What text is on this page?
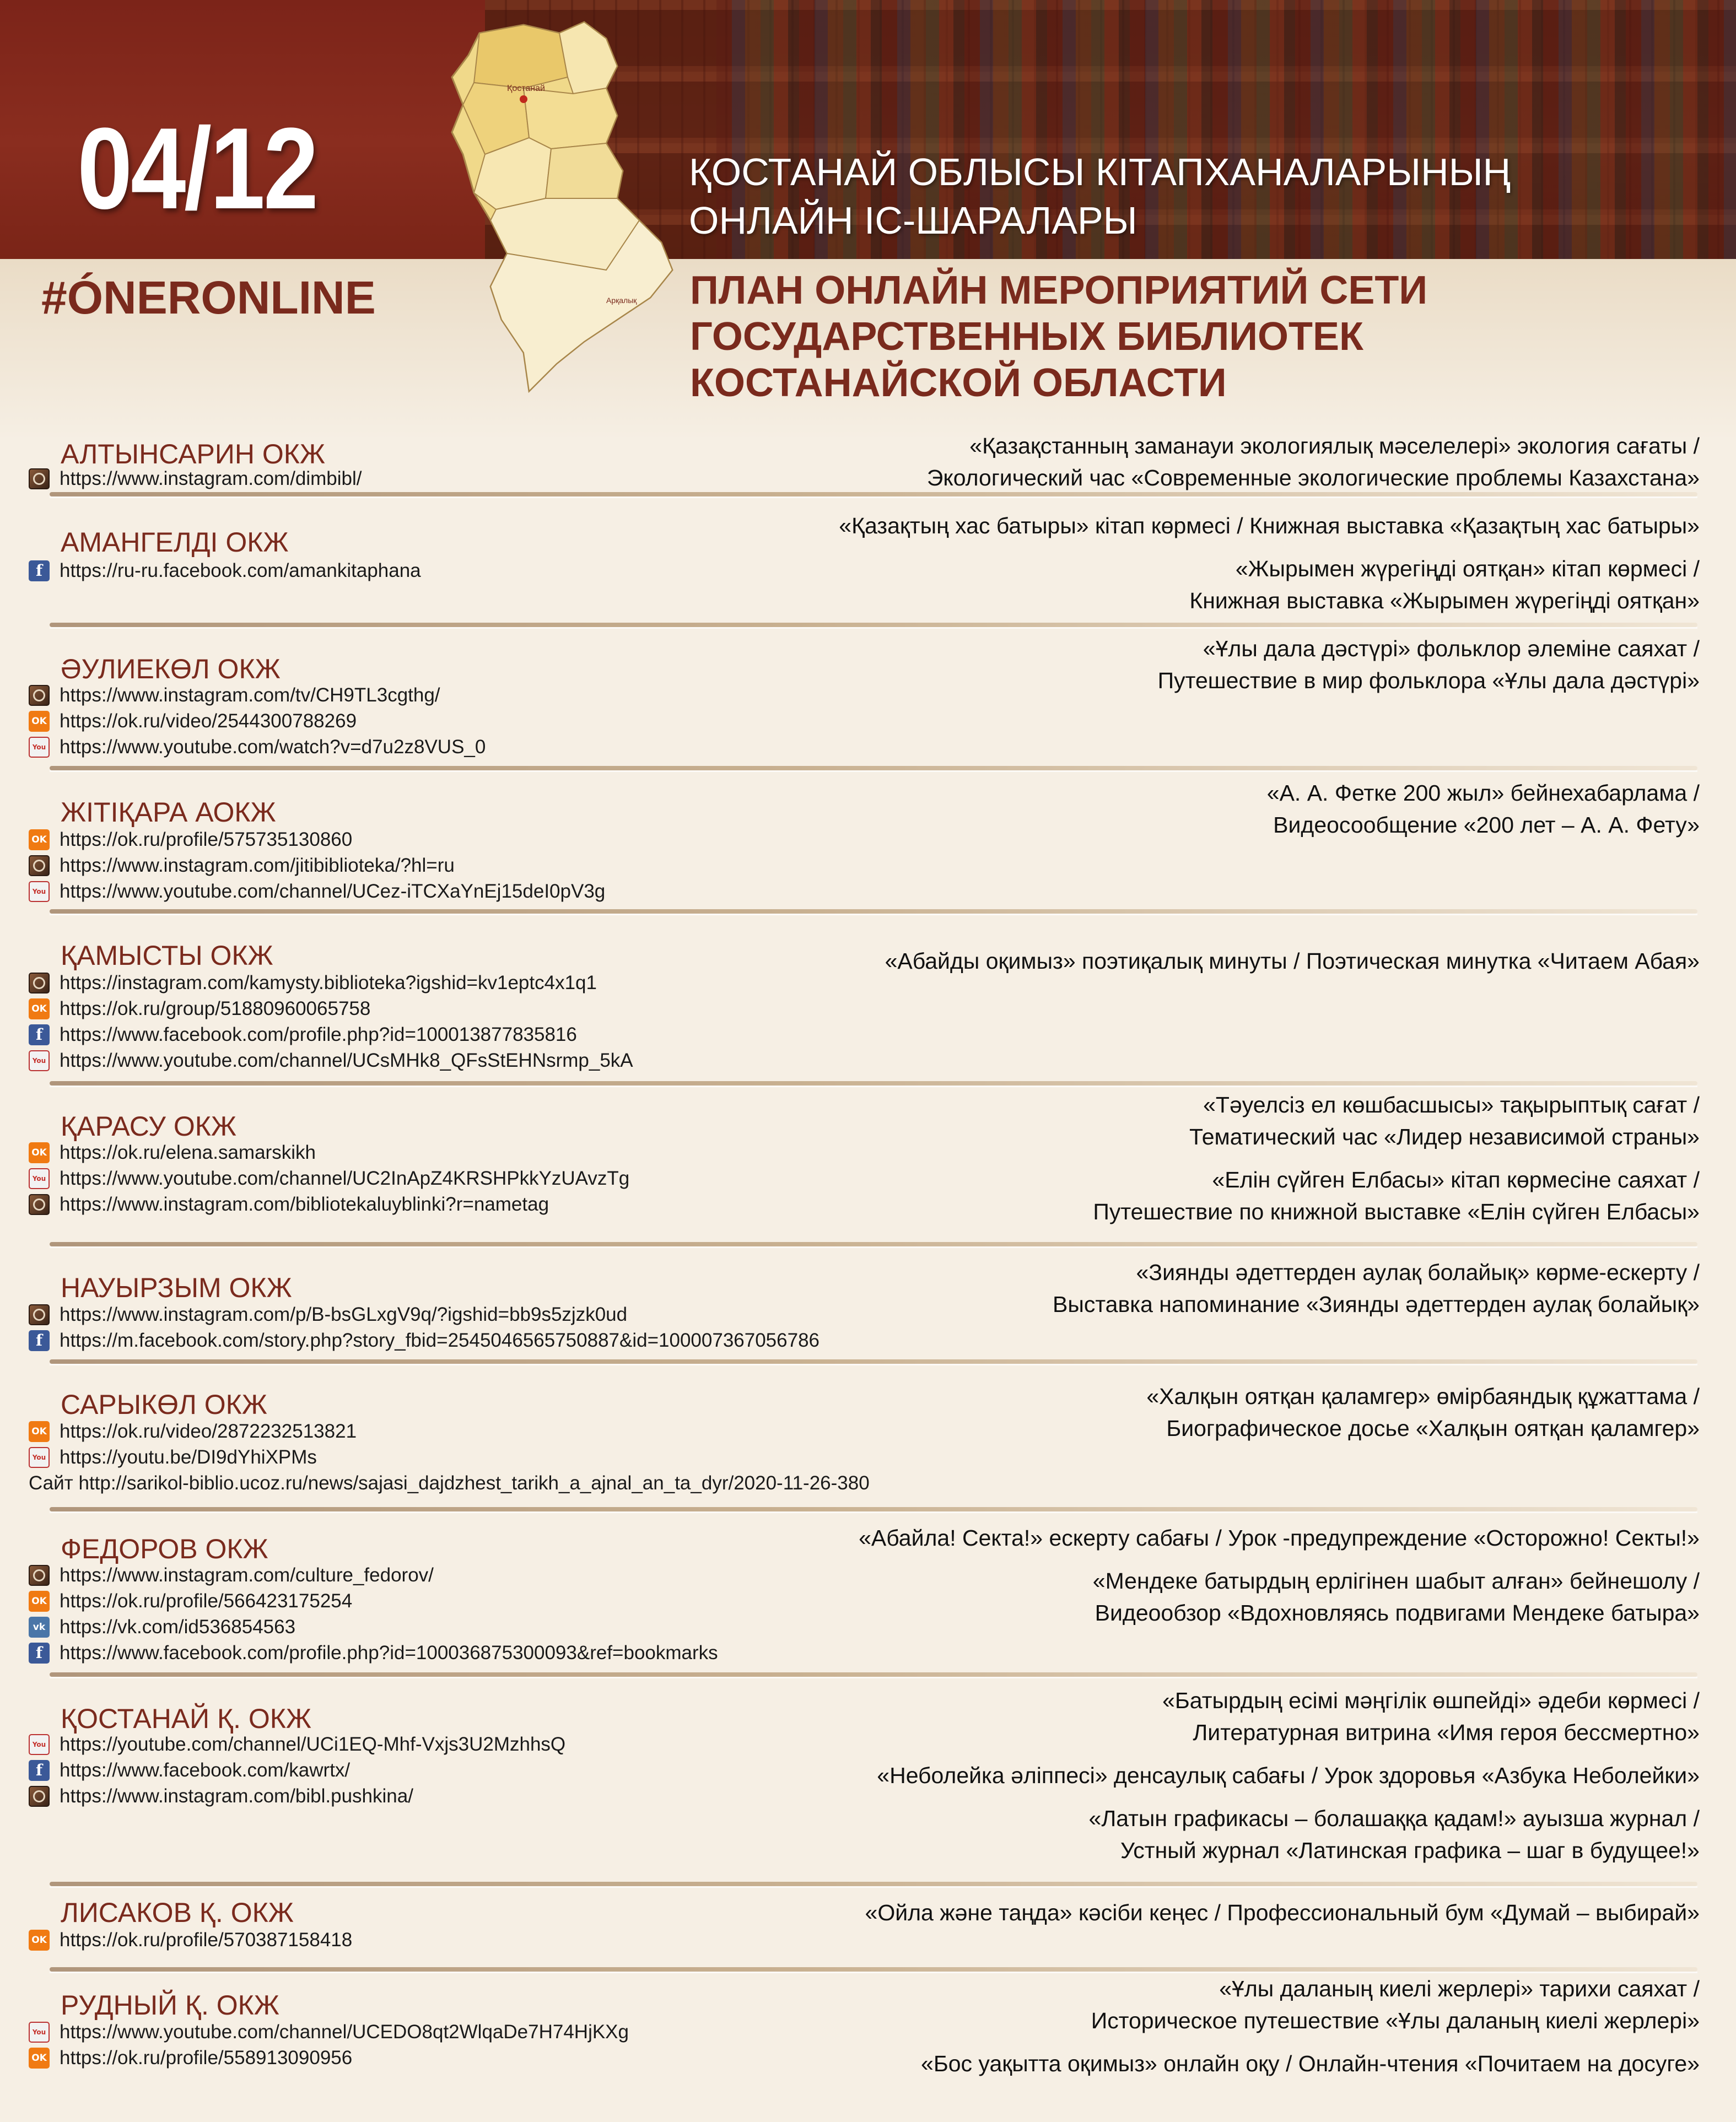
Қостанай
Арқалық
04/12
#ÓNERONLINE
ҚОСТАНАЙ ОБЛЫСЫ КІТАПХАНАЛАРЫНЫҢ
ОНЛАЙН ІС-ШАРАЛАРЫ
ПЛАН ОНЛАЙН МЕРОПРИЯТИЙ СЕТИ
ГОСУДАРСТВЕННЫХ БИБЛИОТЕК
КОСТАНАЙСКОЙ ОБЛАСТИ
АЛТЫНСАРИН ОКЖ
https://www.instagram.com/dimbibl/
«Қазақстанның заманауи экологиялық мәселелері» экология сағаты /
Экологический час «Современные экологические проблемы Казахстана»
АМАНГЕЛДІ ОКЖ
f https://ru-ru.facebook.com/amankitaphana
«Қазақтың хас батыры» кітап көрмесі / Книжная выставка «Қазақтың хас батыры»
«Жырымен жүрегіңді оятқан» кітап көрмесі /
Книжная выставка «Жырымен жүрегіңді оятқан»
ӘУЛИЕКӨЛ ОКЖ
https://www.instagram.com/tv/CH9TL3cgthg/
OK https://ok.ru/video/2544300788269
You https://www.youtube.com/watch?v=d7u2z8VUS_0
«Ұлы дала дәстүрі» фольклор әлеміне саяхат /
Путешествие в мир фольклора «Ұлы дала дәстүрі»
ЖІТІҚАРА АОКЖ
OK https://ok.ru/profile/575735130860
https://www.instagram.com/jitibiblioteka/?hl=ru
You https://www.youtube.com/channel/UCez-iTCXaYnEj15deI0pV3g
«А. А. Фетке 200 жыл» бейнехабарлама /
Видеосообщение «200 лет – А. А. Фету»
ҚАМЫСТЫ ОКЖ
https://instagram.com/kamysty.biblioteka?igshid=kv1eptc4x1q1
OK https://ok.ru/group/51880960065758
f https://www.facebook.com/profile.php?id=100013877835816
You https://www.youtube.com/channel/UCsMHk8_QFsStEHNsrmp_5kA
«Абайды оқимыз» поэтиқалық минуты / Поэтическая минутка «Читаем Абая»
ҚАРАСУ ОКЖ
OK https://ok.ru/elena.samarskikh
You https://www.youtube.com/channel/UC2InApZ4KRSHPkkYzUAvzTg
https://www.instagram.com/bibliotekaluyblinki?r=nametag
«Тәуелсіз ел көшбасшысы» тақырыптық сағат /
Тематический час «Лидер независимой страны»
«Елін сүйген Елбасы» кітап көрмесіне саяхат /
Путешествие по книжной выставке «Елін сүйген Елбасы»
НАУЫРЗЫМ ОКЖ
https://www.instagram.com/p/B-bsGLxgV9q/?igshid=bb9s5zjzk0ud
f https://m.facebook.com/story.php?story_fbid=2545046565750887&id=100007367056786
«Зиянды әдеттерден аулақ болайық» көрме-ескерту /
Выставка напоминание «Зиянды әдеттерден аулақ болайық»
САРЫКӨЛ ОКЖ
OK https://ok.ru/video/2872232513821
You https://youtu.be/DI9dYhiXPMs
Сайт http://sarikol-biblio.ucoz.ru/news/sajasi_dajdzhest_tarikh_a_ajnal_an_ta_dyr/2020-11-26-380
«Халқын оятқан қаламгер» өмірбаяндық құжаттама /
Биографическое досье «Халқын оятқан қаламгер»
ФЕДОРОВ ОКЖ
https://www.instagram.com/culture_fedorov/
OK https://ok.ru/profile/566423175254
vk https://vk.com/id536854563
f https://www.facebook.com/profile.php?id=100036875300093&ref=bookmarks
«Абайла! Секта!» ескерту сабағы / Урок -предупреждение «Осторожно! Секты!»
«Мендеке батырдың ерлігінен шабыт алған» бейнешолу /
Видеообзор «Вдохновляясь подвигами Мендеке батыра»
ҚОСТАНАЙ Қ. ОКЖ
You https://youtube.com/channel/UCi1EQ-Mhf-Vxjs3U2MzhhsQ
f https://www.facebook.com/kawrtx/
https://www.instagram.com/bibl.pushkina/
«Батырдың есімі мәңгілік өшпейді» әдеби көрмесі /
Литературная витрина «Имя героя бессмертно»
«Неболейка әліппесі» денсаулық сабағы / Урок здоровья «Азбука Неболейки»
«Латын графикасы – болашаққа қадам!» ауызша журнал /
Устный журнал «Латинская графика – шаг в будущее!»
ЛИСАКОВ Қ. ОКЖ
OK https://ok.ru/profile/570387158418
«Ойла және таңда» кәсіби кеңес / Профессиональный бум «Думай – выбирай»
РУДНЫЙ Қ. ОКЖ
You https://www.youtube.com/channel/UCEDO8qt2WlqaDe7H74HjKXg
OK https://ok.ru/profile/558913090956
«Ұлы даланың киелі жерлері» тарихи саяхат /
Историческое путешествие «Ұлы даланың киелі жерлері»
«Бос уақытта оқимыз» онлайн оқу / Онлайн-чтения «Почитаем на досуге»
